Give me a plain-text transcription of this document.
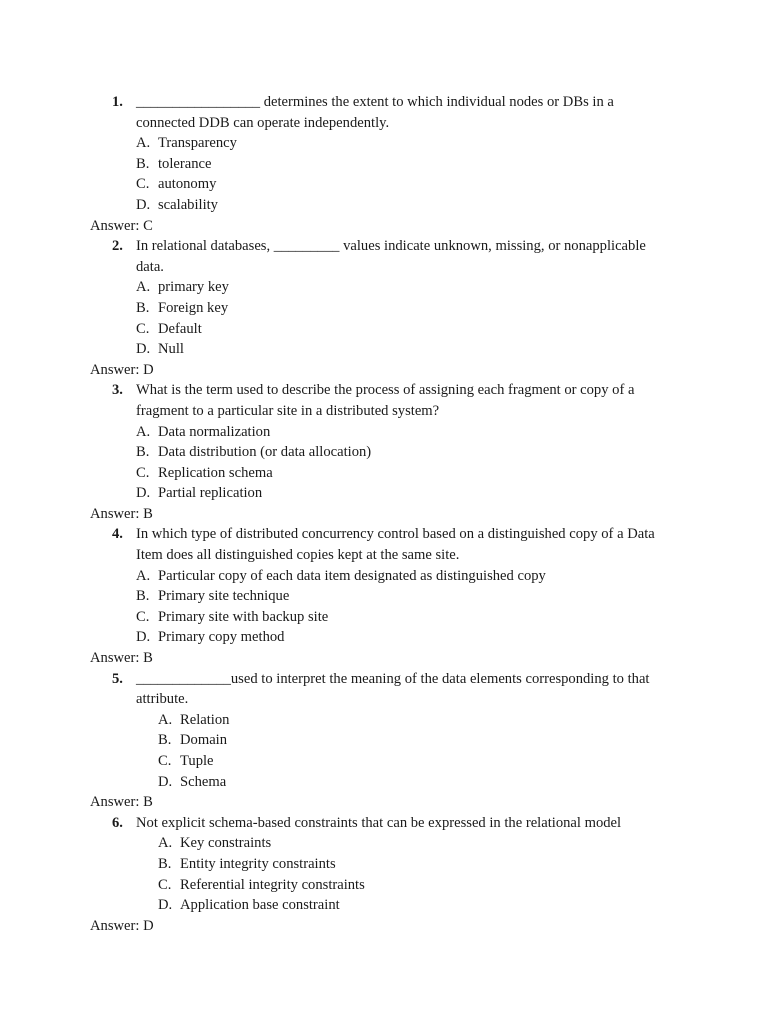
1. _________________ determines the extent to which individual nodes or DBs in a
connected DDB can operate independently.
A. Transparency
B. tolerance
C. autonomy
D. scalability
Answer: C
2. In relational databases, _________ values indicate unknown, missing, or nonapplicable
data.
A. primary key
B. Foreign key
C. Default
D. Null
Answer: D
3. What is the term used to describe the process of assigning each fragment or copy of a
fragment to a particular site in a distributed system?
A. Data normalization
B. Data distribution (or data allocation)
C. Replication schema
D. Partial replication
Answer: B
4. In which type of distributed concurrency control based on a distinguished copy of a Data
Item does all distinguished copies kept at the same site.
A. Particular copy of each data item designated as distinguished copy
B. Primary site technique
C. Primary site with backup site
D. Primary copy method
Answer: B
5. _____________used to interpret the meaning of the data elements corresponding to that
attribute.
A. Relation
B. Domain
C. Tuple
D. Schema
Answer: B
6. Not explicit schema-based constraints that can be expressed in the relational model
A. Key constraints
B. Entity integrity constraints
C. Referential integrity constraints
D. Application base constraint
Answer: D
